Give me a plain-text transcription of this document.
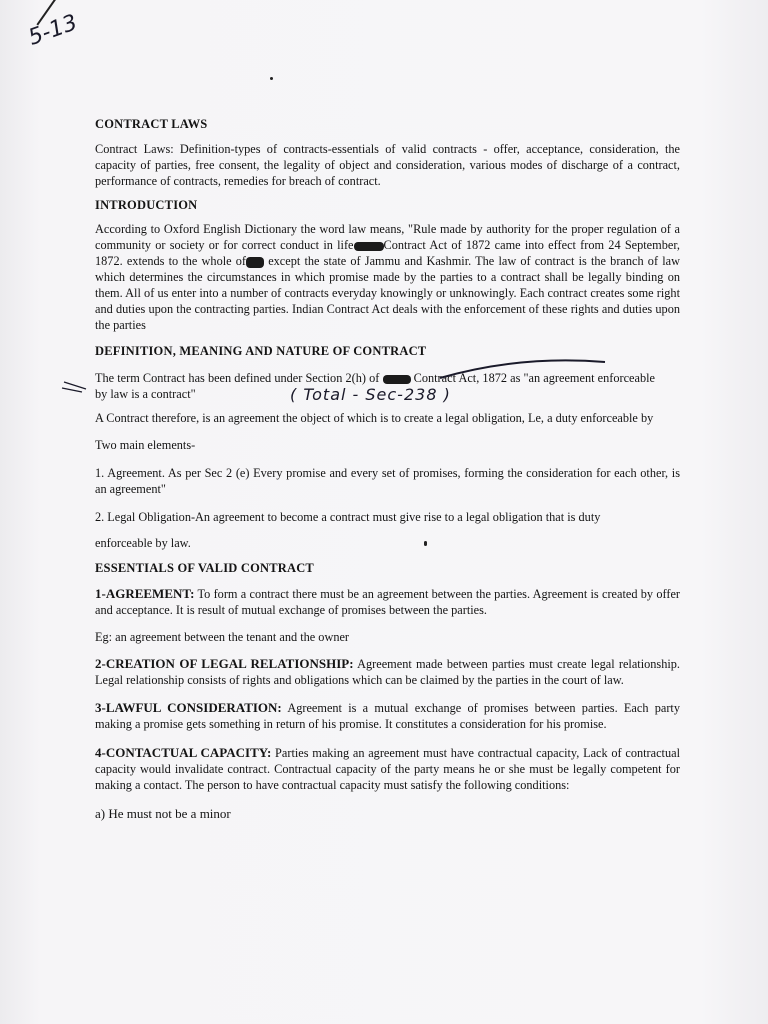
5-13

CONTRACT LAWS

Contract Laws: Definition-types of contracts-essentials of valid contracts - offer, acceptance, consideration, the capacity of parties, free consent, the legality of object and consideration, various modes of discharge of a contract, performance of contracts, remedies for breach of contract.

INTRODUCTION

According to Oxford English Dictionary the word law means, "Rule made by authority for the proper regulation of a community or society or for correct conduct in life Contract Act of 1872 came into effect from 24 September, 1872. extends to the whole of except the state of Jammu and Kashmir. The law of contract is the branch of law which determines the circumstances in which promise made by the parties to a contract shall be legally binding on them. All of us enter into a number of contracts everyday knowingly or unknowingly. Each contract creates some right and duties upon the contracting parties. Indian Contract Act deals with the enforcement of these rights and duties upon the parties

DEFINITION, MEANING AND NATURE OF CONTRACT

The term Contract has been defined under Section 2(h) of	Contract Act, 1872 as "an agreement enforceable by law is a contract"

A Contract therefore, is an agreement the object of which is to create a legal obligation, Le, a duty enforceable by

Two main elements-

1. Agreement. As per Sec 2 (e) Every promise and every set of promises, forming the consideration for each other, is an agreement"

2. Legal Obligation-An agreement to become a contract must give rise to a legal obligation that is duty

enforceable by law.

ESSENTIALS OF VALID CONTRACT

1-AGREEMENT: To form a contract there must be an agreement between the parties. Agreement is created by offer and acceptance. It is result of mutual exchange of promises between the parties.

Eg: an agreement between the tenant and the owner

2-CREATION OF LEGAL RELATIONSHIP: Agreement made between parties must create legal relationship. Legal relationship consists of rights and obligations which can be claimed by the parties in the court of law.

3-LAWFUL CONSIDERATION: Agreement is a mutual exchange of promises between parties. Each party making a promise gets something in return of his promise. It constitutes a consideration for his promise.

4-CONTACTUAL CAPACITY: Parties making an agreement must have contractual capacity, Lack of contractual capacity would invalidate contract. Contractual capacity of the party means he or she must be legally competent for making a contact. The person to have contractual capacity must satisfy the following conditions:

a) He must not be a minor

( Total - Sec-238 )
